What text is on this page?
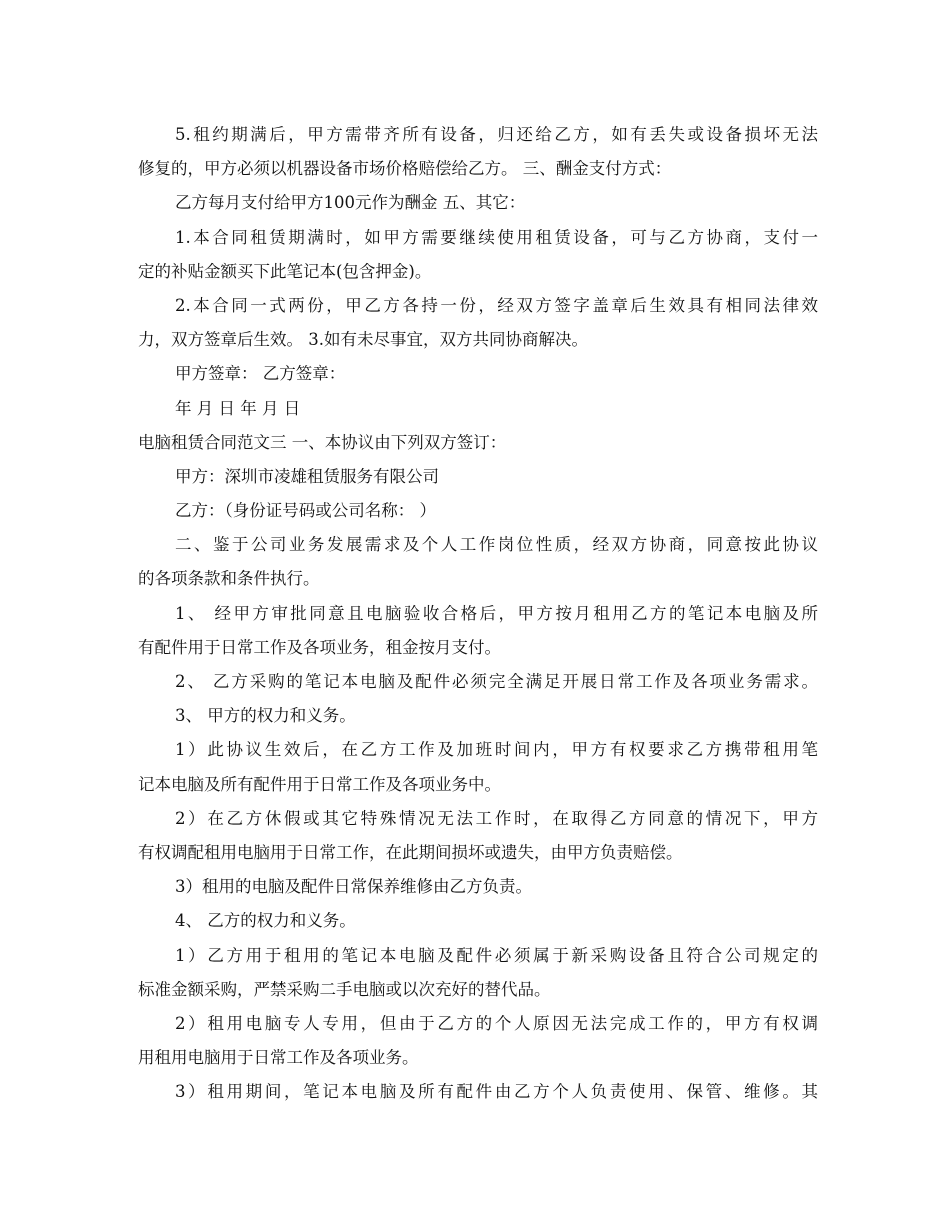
5.租约期满后，甲方需带齐所有设备，归还给乙方，如有丢失或设备损坏无法
修复的，甲方必须以机器设备市场价格赔偿给乙方。 三、酬金支付方式：
乙方每月支付给甲方100元作为酬金 五、其它：
1.本合同租赁期满时，如甲方需要继续使用租赁设备，可与乙方协商，支付一
定的补贴金额买下此笔记本(包含押金)。
2.本合同一式两份，甲乙方各持一份，经双方签字盖章后生效具有相同法律效
力，双方签章后生效。 3.如有未尽事宜，双方共同协商解决。
甲方签章： 乙方签章：
年 月 日 年 月 日
电脑租赁合同范文三 一、本协议由下列双方签订：
甲方：深圳市凌雄租赁服务有限公司
乙方：（身份证号码或公司名称： ）
二、鉴于公司业务发展需求及个人工作岗位性质，经双方协商，同意按此协议
的各项条款和条件执行。
1、 经甲方审批同意且电脑验收合格后，甲方按月租用乙方的笔记本电脑及所
有配件用于日常工作及各项业务，租金按月支付。
2、 乙方采购的笔记本电脑及配件必须完全满足开展日常工作及各项业务需求。
3、 甲方的权力和义务。
1）此协议生效后，在乙方工作及加班时间内，甲方有权要求乙方携带租用笔
记本电脑及所有配件用于日常工作及各项业务中。
2）在乙方休假或其它特殊情况无法工作时，在取得乙方同意的情况下，甲方
有权调配租用电脑用于日常工作，在此期间损坏或遗失，由甲方负责赔偿。
3）租用的电脑及配件日常保养维修由乙方负责。
4、 乙方的权力和义务。
1）乙方用于租用的笔记本电脑及配件必须属于新采购设备且符合公司规定的
标准金额采购，严禁采购二手电脑或以次充好的替代品。
2）租用电脑专人专用，但由于乙方的个人原因无法完成工作的，甲方有权调
用租用电脑用于日常工作及各项业务。
3）租用期间，笔记本电脑及所有配件由乙方个人负责使用、保管、维修。其
